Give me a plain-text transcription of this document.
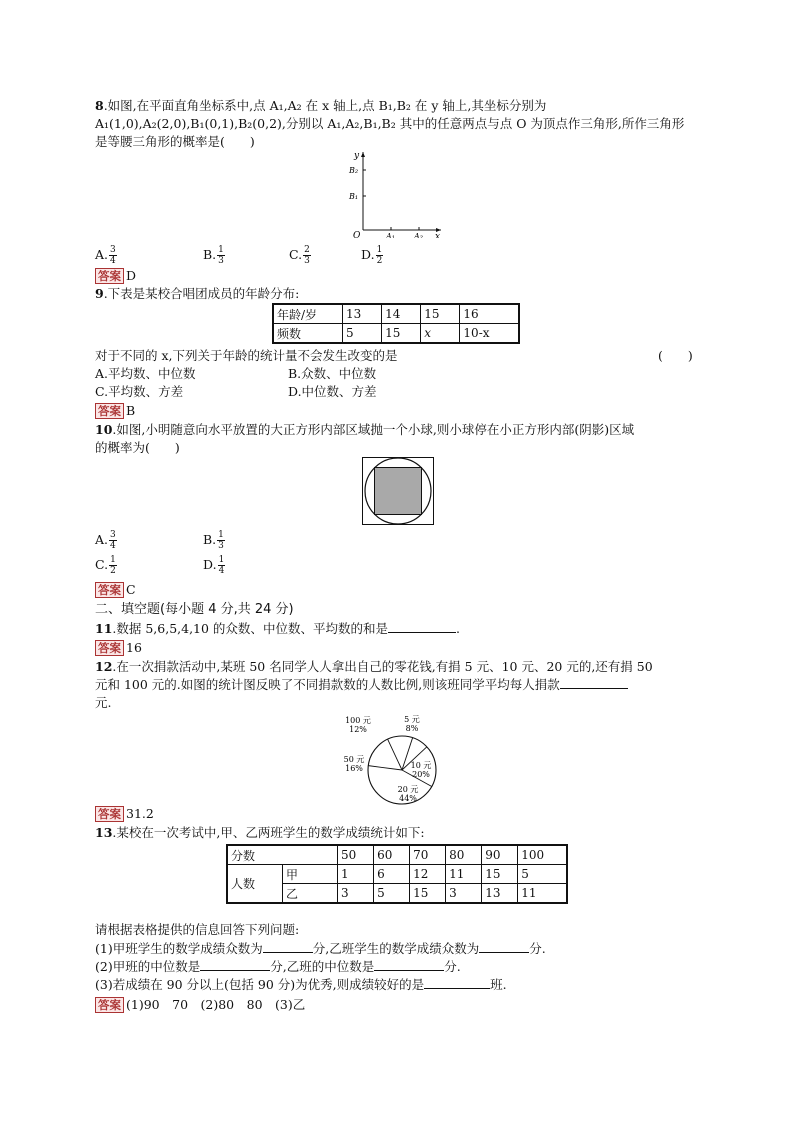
8.如图,在平面直角坐标系中,点 A₁,A₂ 在 x 轴上,点 B₁,B₂ 在 y 轴上,其坐标分别为
A₁(1,0),A₂(2,0),B₁(0,1),B₂(0,2),分别以 A₁,A₂,B₁,B₂ 其中的任意两点与点 O 为顶点作三角形,所作三角形
是等腰三角形的概率是(　　)
y
B₂
B₁
O	A₁ A₂ x
A. $\frac{3}{4}$	B. $\frac{1}{3}$	C. $\frac{2}{3}$	D. $\frac{1}{2}$
答案 D
9.下表是某校合唱团成员的年龄分布:
年龄/岁	13	14	15	16
频数	5	15	x	10-x
对于不同的 x,下列关于年龄的统计量不会发生改变的是	(　　)
A.平均数、中位数	B.众数、中位数
C.平均数、方差	D.中位数、方差
答案 B
10.如图,小明随意向水平放置的大正方形内部区域抛一个小球,则小球停在小正方形内部(阴影)区域
的概率为(　　)
A. $\frac{3}{4}$	B. $\frac{1}{3}$
C. $\frac{1}{2}$	D. $\frac{1}{4}$
答案 C
二、填空题(每小题 4 分,共 24 分)
11.数据 5,6,5,4,10 的众数、中位数、平均数的和是	.
答案 16
12.在一次捐款活动中,某班 50 名同学人人拿出自己的零花钱,有捐 5 元、10 元、20 元的,还有捐 50
元和 100 元的.如图的统计图反映了不同捐款数的人数比例,则该班同学平均每人捐款
元.
100 元
12%
5 元
8%
10 元
20%
20 元
44%
50 元
16%
答案 31.2
13.某校在一次考试中,甲、乙两班学生的数学成绩统计如下:
分数		50	60	70	80	90	100
人数	甲	1	6	12	11	15	5
	乙	3	5	15	3	13	11
请根据表格提供的信息回答下列问题:
(1)甲班学生的数学成绩众数为	分,乙班学生的数学成绩众数为	分.
(2)甲班的中位数是	分,乙班的中位数是	分.
(3)若成绩在 90 分以上(包括 90 分)为优秀,则成绩较好的是	班.
答案 (1)90　70　(2)80　80　(3)乙
